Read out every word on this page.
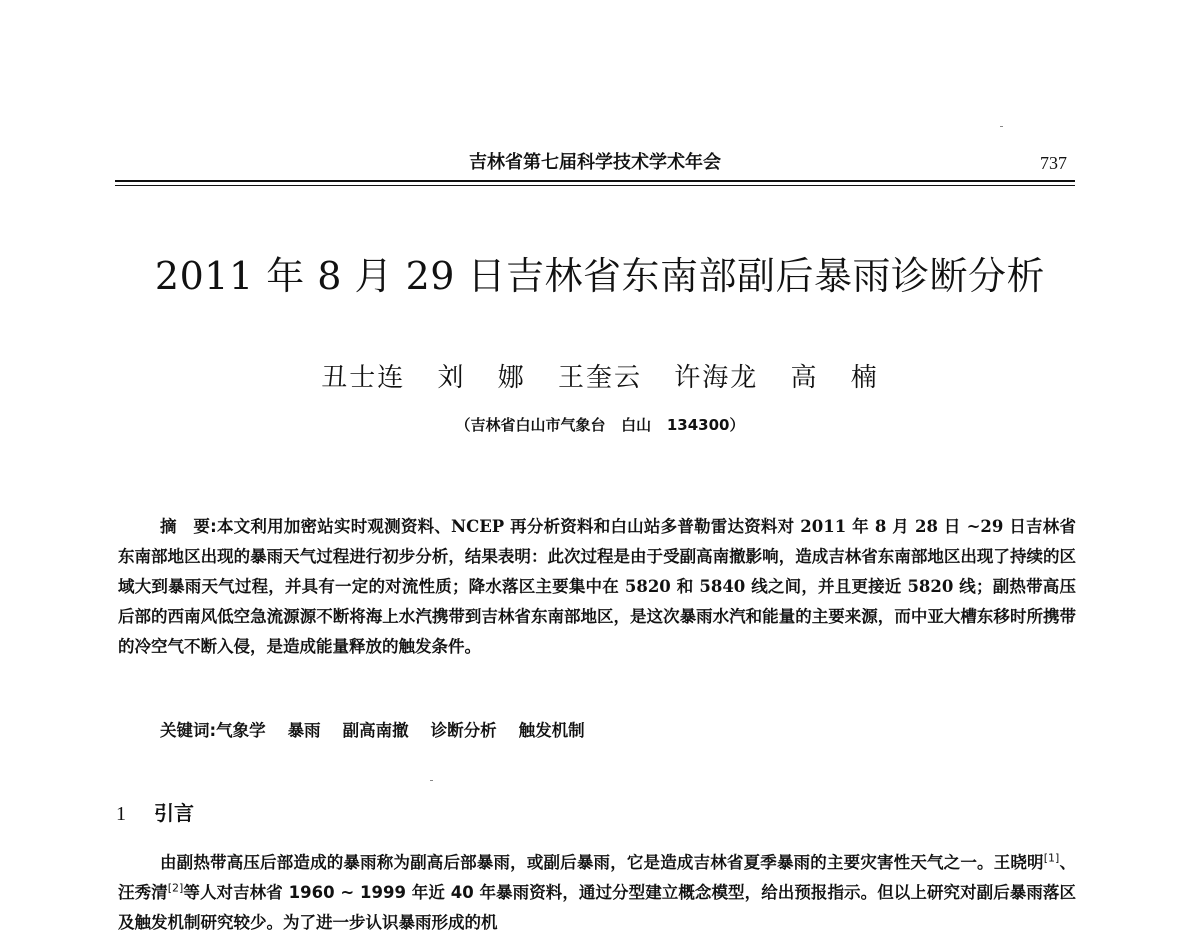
吉林省第七届科学技术学术年会	737
2011 年 8 月 29 日吉林省东南部副后暴雨诊断分析
丑士连 刘 娜 王奎云 许海龙 高 楠
（吉林省白山市气象台   白山   134300）

摘　要:本文利用加密站实时观测资料、NCEP 再分析资料和白山站多普勒雷达资料对 2011 年 8 月 28 日 ~29 日吉林省东南部地区出现的暴雨天气过程进行初步分析，结果表明：此次过程是由于受副高南撤影响，造成吉林省东南部地区出现了持续的区域大到暴雨天气过程，并具有一定的对流性质；降水落区主要集中在 5820 和 5840 线之间，并且更接近 5820 线；副热带高压后部的西南风低空急流源源不断将海上水汽携带到吉林省东南部地区，是这次暴雨水汽和能量的主要来源，而中亚大槽东移时所携带的冷空气不断入侵，是造成能量释放的触发条件。

关键词:气象学 暴雨 副高南撤 诊断分析 触发机制
1 引言

由副热带高压后部造成的暴雨称为副高后部暴雨，或副后暴雨，它是造成吉林省夏季暴雨的主要灾害性天气之一。王晓明[1]、汪秀清[2]等人对吉林省 1960 ~ 1999 年近 40 年暴雨资料，通过分型建立概念模型，给出预报指示。但以上研究对副后暴雨落区及触发机制研究较少。为了进一步认识暴雨形成的机
